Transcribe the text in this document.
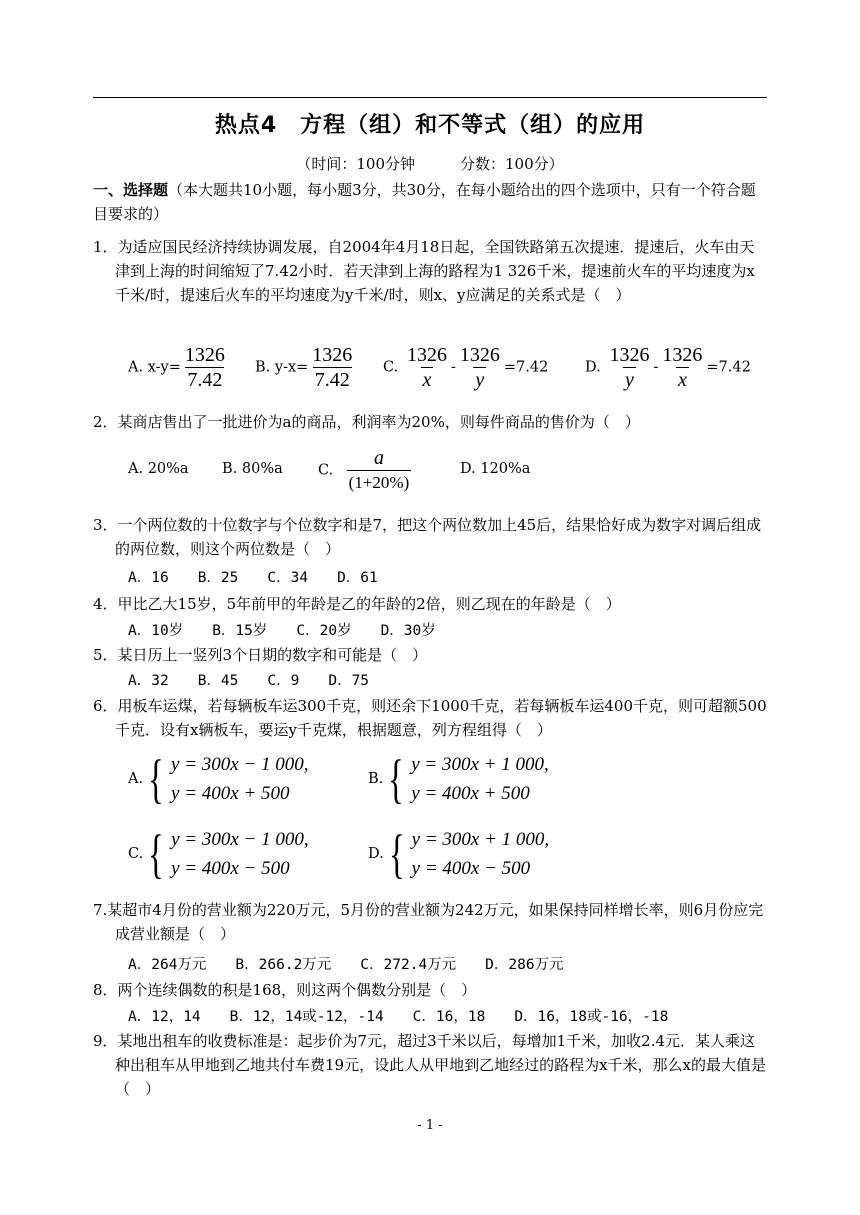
热点4　方程（组）和不等式（组）的应用
（时间：100分钟　　　分数：100分）
一、选择题（本大题共10小题，每小题3分，共30分，在每小题给出的四个选项中，只有一个符合题目要求的）
1．为适应国民经济持续协调发展，自2004年4月18日起，全国铁路第五次提速．提速后，火车由天津到上海的时间缩短了7.42小时．若天津到上海的路程为1 326千米，提速前火车的平均速度为x千米/时，提速后火车的平均速度为y千米/时，则x、y应满足的关系式是（　）
A. $x-y= \frac{1326}{7.42} B$. $y-x= \frac{1326}{7.42} C$. $\frac{1326}{x} - \frac{1326}{y} =7.42$	D. $\frac{1326}{y} - \frac{1326}{x} =7.42$
2．某商店售出了一批进价为a的商品，利润率为20%，则每件商品的售价为（　）
A. 20%a B. 80%a C. $\frac{a}{(1+20\%)}$	D. 120%a
3．一个两位数的十位数字与个位数字和是7，把这个两位数加上45后，结果恰好成为数字对调后组成的两位数，则这个两位数是（　）
A．16　　B．25　　C．34　　D．61
4．甲比乙大15岁，5年前甲的年龄是乙的年龄的2倍，则乙现在的年龄是（　）
A．10岁　　B．15岁　　C．20岁　　D．30岁
5．某日历上一竖列3个日期的数字和可能是（　）
A．32　　B．45　　C．9　　D．75
6．用板车运煤，若每辆板车运300千克，则还余下1000千克，若每辆板车运400千克，则可超额500千克．设有x辆板车，要运y千克煤，根据题意，列方程组得（　）
A. { y = 300x − 1 000,
y = 400x + 500
B. { y = 300x + 1 000,
y = 400x + 500
C. { y = 300x − 1 000,
y = 400x − 500
D. { y = 300x + 1 000,
y = 400x − 500
7.某超市4月份的营业额为220万元，5月份的营业额为242万元，如果保持同样增长率，则6月份应完成营业额是（　）
A．264万元　　B．266.2万元　　C．272.4万元　　D．286万元
8．两个连续偶数的积是168，则这两个偶数分别是（　）
A．12，14　　B．12，14或-12，-14　　C．16，18　　D．16，18或-16，-18
9．某地出租车的收费标准是：起步价为7元，超过3千米以后，每增加1千米，加收2.4元．某人乘这种出租车从甲地到乙地共付车费19元，设此人从甲地到乙地经过的路程为x千米，那么x的最大值是（　）
- 1 -
